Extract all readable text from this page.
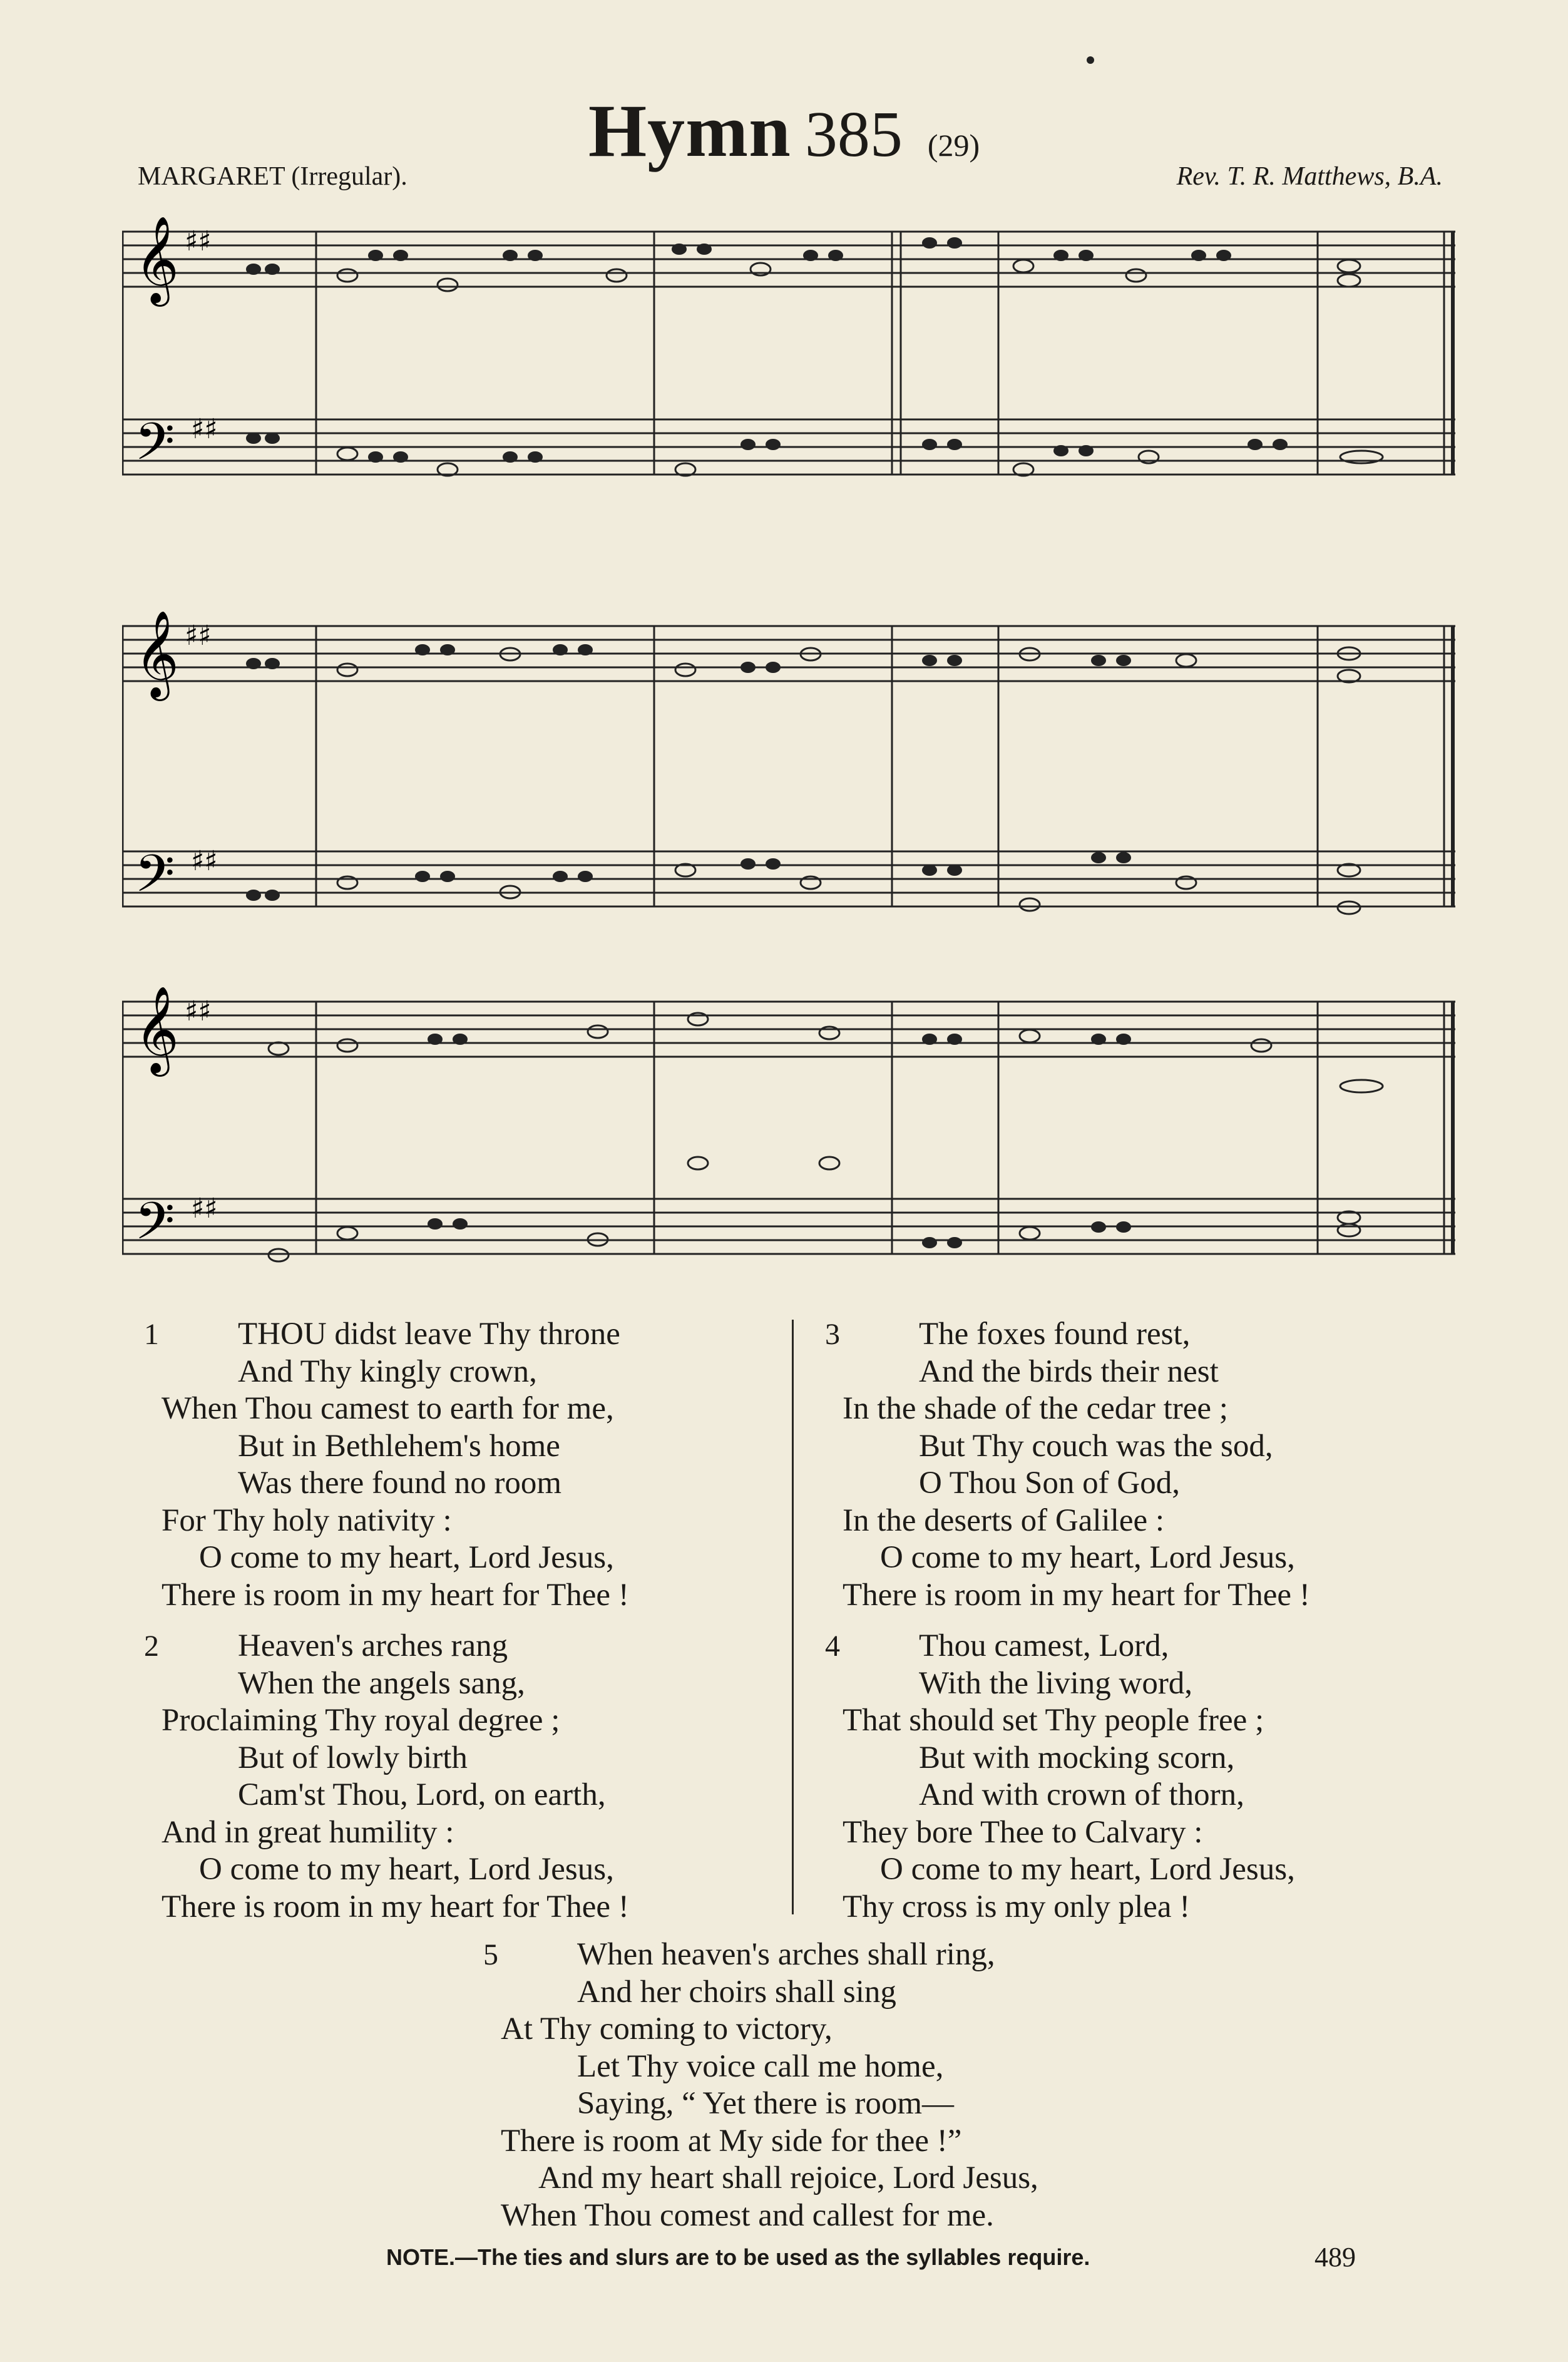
Hymn 385 (29)
MARGARET (Irregular).	Rev. T. R. Matthews, B.A.
𝄞
𝄢
♯♯
♯♯
𝄞
𝄢
♯♯
♯♯
𝄞
𝄢
♯♯
♯♯
1	THOU didst leave Thy throne
And Thy kingly crown,
When Thou camest to earth for me,
But in Bethlehem's home
Was there found no room
For Thy holy nativity :
O come to my heart, Lord Jesus,
There is room in my heart for Thee !
2	Heaven's arches rang
When the angels sang,
Proclaiming Thy royal degree ;
But of lowly birth
Cam'st Thou, Lord, on earth,
And in great humility :
O come to my heart, Lord Jesus,
There is room in my heart for Thee !
3	The foxes found rest,
And the birds their nest
In the shade of the cedar tree ;
But Thy couch was the sod,
O Thou Son of God,
In the deserts of Galilee :
O come to my heart, Lord Jesus,
There is room in my heart for Thee !
4	Thou camest, Lord,
With the living word,
That should set Thy people free ;
But with mocking scorn,
And with crown of thorn,
They bore Thee to Calvary :
O come to my heart, Lord Jesus,
Thy cross is my only plea !
5	When heaven's arches shall ring,
And her choirs shall sing
At Thy coming to victory,
Let Thy voice call me home,
Saying, “ Yet there is room—
There is room at My side for thee !”
And my heart shall rejoice, Lord Jesus,
When Thou comest and callest for me.
NOTE.—The ties and slurs are to be used as the syllables require.	489
